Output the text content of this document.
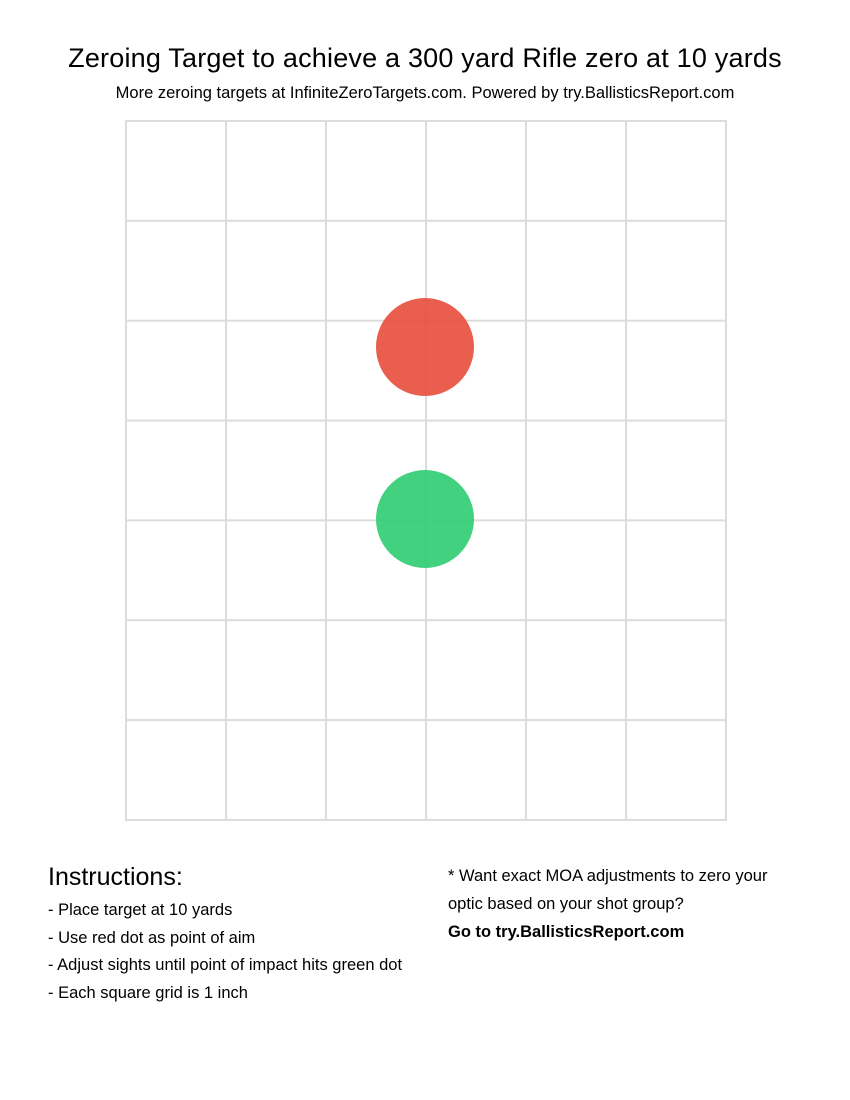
Zeroing Target to achieve a 300 yard Rifle zero at 10 yards
More zeroing targets at InfiniteZeroTargets.com. Powered by try.BallisticsReport.com
Instructions:
- Place target at 10 yards
- Use red dot as point of aim
- Adjust sights until point of impact hits green dot
- Each square grid is 1 inch

* Want exact MOA adjustments to zero your

optic based on your shot group?

Go to try.BallisticsReport.com
